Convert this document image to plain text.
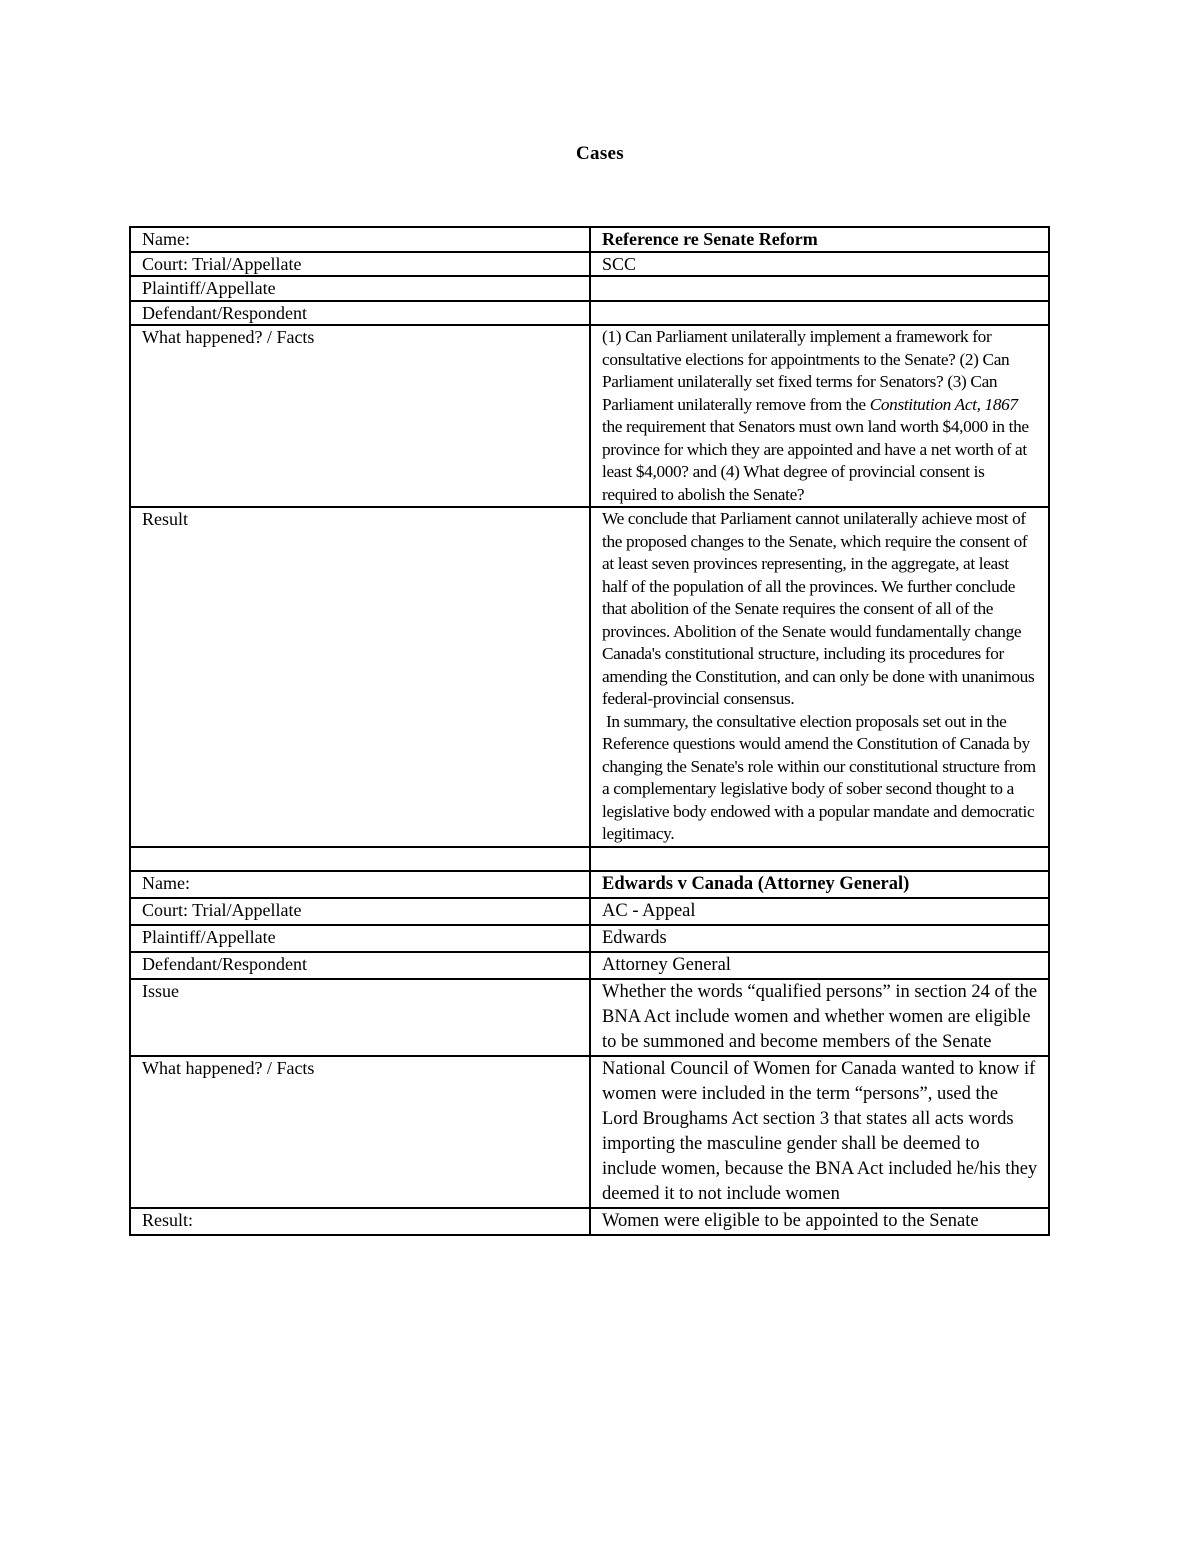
Cases
Name:	Reference re Senate Reform
Court: Trial/Appellate	SCC
Plaintiff/Appellate	
Defendant/Respondent	
What happened? / Facts	(1) Can Parliament unilaterally implement a framework for consultative elections for appointments to the Senate? (2) Can Parliament unilaterally set fixed terms for Senators? (3) Can Parliament unilaterally remove from the Constitution Act, 1867 the requirement that Senators must own land worth $4,000 in the province for which they are appointed and have a net worth of at least $4,000? and (4) What degree of provincial consent is required to abolish the Senate?
Result	We conclude that Parliament cannot unilaterally achieve most of the proposed changes to the Senate, which require the consent of at least seven provinces representing, in the aggregate, at least half of the population of all the provinces. We further conclude that abolition of the Senate requires the consent of all of the provinces. Abolition of the Senate would fundamentally change Canada's constitutional structure, including its procedures for amending the Constitution, and can only be done with unanimous federal-provincial consensus.
In summary, the consultative election proposals set out in the Reference questions would amend the Constitution of Canada by changing the Senate's role within our constitutional structure from a complementary legislative body of sober second thought to a legislative body endowed with a popular mandate and democratic legitimacy.

Name:	Edwards v Canada (Attorney General)
Court: Trial/Appellate	AC - Appeal
Plaintiff/Appellate	Edwards
Defendant/Respondent	Attorney General
Issue	Whether the words “qualified persons” in section 24 of the BNA Act include women and whether women are eligible to be summoned and become members of the Senate
What happened? / Facts	National Council of Women for Canada wanted to know if women were included in the term “persons”, used the Lord Broughams Act section 3 that states all acts words importing the masculine gender shall be deemed to include women, because the BNA Act included he/his they deemed it to not include women
Result:	Women were eligible to be appointed to the Senate
